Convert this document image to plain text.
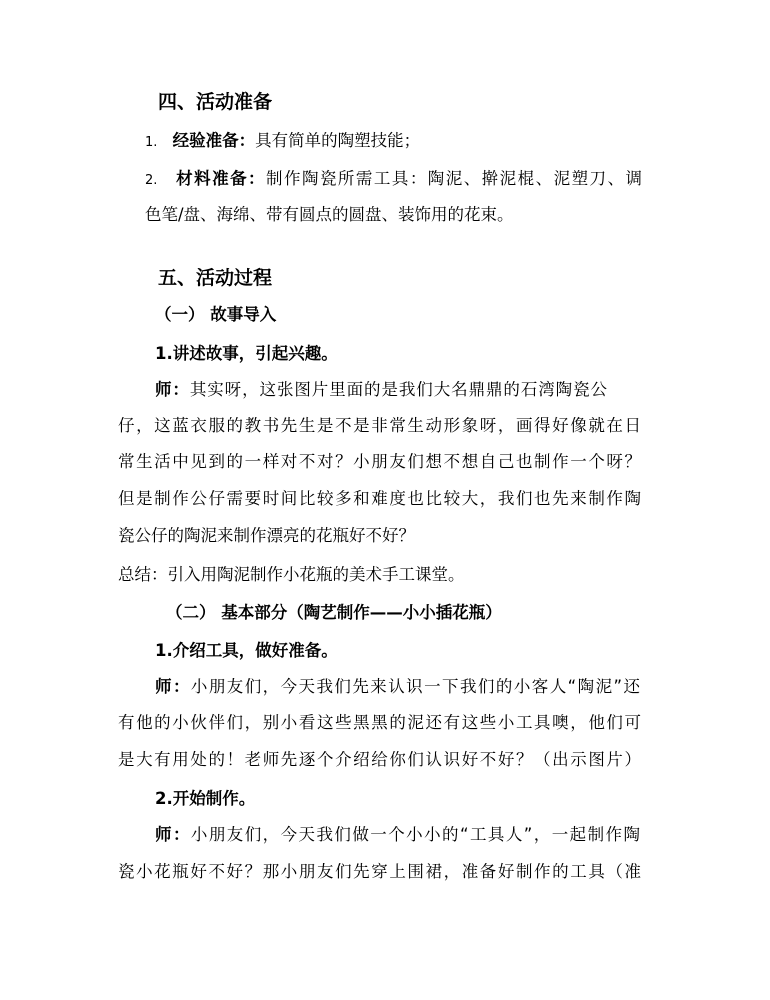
四、活动准备
1. 经验准备：具有简单的陶塑技能；
2. 材料准备：制作陶瓷所需工具：陶泥、擀泥棍、泥塑刀、调
色笔/盘、海绵、带有圆点的圆盘、装饰用的花束。
五、活动过程
（一） 故事导入
1.讲述故事，引起兴趣。
师：其实呀，这张图片里面的是我们大名鼎鼎的石湾陶瓷公
仔，这蓝衣服的教书先生是不是非常生动形象呀，画得好像就在日
常生活中见到的一样对不对？小朋友们想不想自己也制作一个呀？
但是制作公仔需要时间比较多和难度也比较大，我们也先来制作陶
瓷公仔的陶泥来制作漂亮的花瓶好不好？
总结：引入用陶泥制作小花瓶的美术手工课堂。
（二） 基本部分（陶艺制作——小小插花瓶）
1.介绍工具，做好准备。
师：小朋友们，今天我们先来认识一下我们的小客人“陶泥”还
有他的小伙伴们，别小看这些黑黑的泥还有这些小工具噢，他们可
是大有用处的！老师先逐个介绍给你们认识好不好？（出示图片）
2.开始制作。
师：小朋友们，今天我们做一个小小的“工具人”，一起制作陶
瓷小花瓶好不好？那小朋友们先穿上围裙，准备好制作的工具（准
